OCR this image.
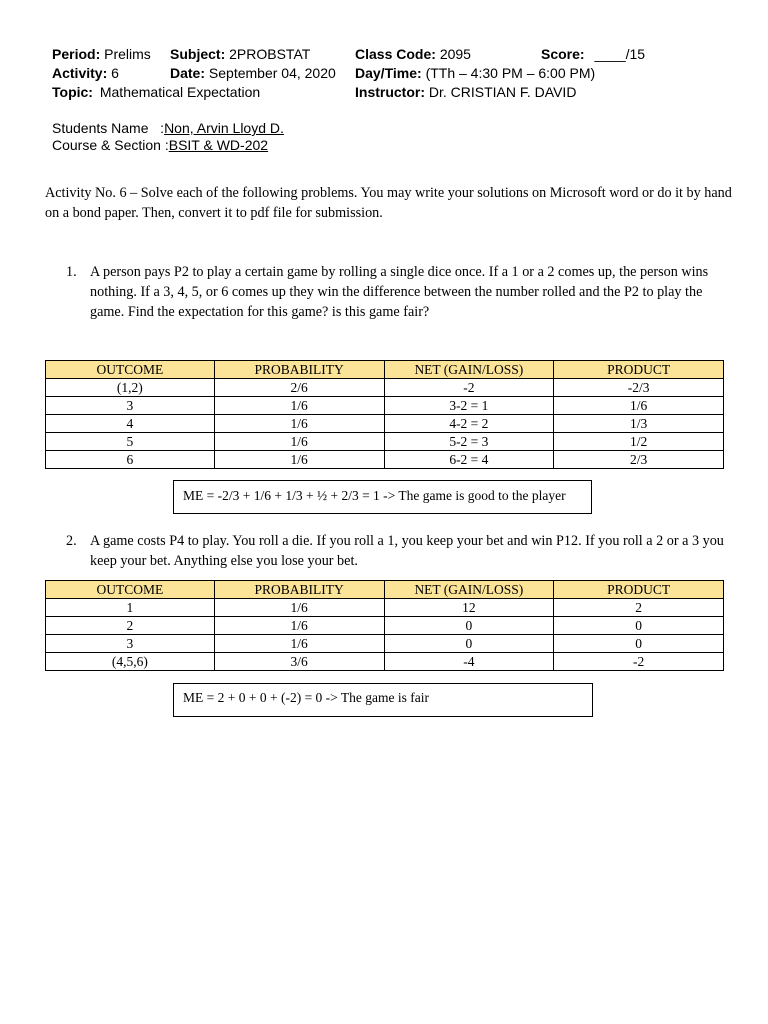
Period: Prelims Subject: 2PROBSTAT	Class Code: 2095	Score: ____/15
Activity: 6	Date: September 04, 2020 Day/Time: (TTh – 4:30 PM – 6:00 PM)
Topic: Mathematical Expectation	Instructor: Dr. CRISTIAN F. DAVID
Students Name   :Non, Arvin Lloyd D.
Course & Section :BSIT & WD-202
Activity No. 6 – Solve each of the following problems. You may write your solutions on Microsoft word or do it by hand on a bond paper. Then, convert it to pdf file for submission.
1. A person pays P2 to play a certain game by rolling a single dice once. If a 1 or a 2 comes up, the person wins nothing. If a 3, 4, 5, or 6 comes up they win the difference between the number rolled and the P2 to play the game. Find the expectation for this game? is this game fair?
OUTCOME	PROBABILITY	NET (GAIN/LOSS)	PRODUCT
(1,2)	2/6	-2	-2/3
3	1/6	3-2 = 1	1/6
4	1/6	4-2 = 2	1/3
5	1/6	5-2 = 3	1/2
6	1/6	6-2 = 4	2/3
ME = -2/3 + 1/6 + 1/3 + ½ + 2/3 = 1 -> The game is good to the player
2. A game costs P4 to play. You roll a die. If you roll a 1, you keep your bet and win P12. If you roll a 2 or a 3 you keep your bet. Anything else you lose your bet.
OUTCOME	PROBABILITY	NET (GAIN/LOSS)	PRODUCT
1	1/6	12	2
2	1/6	0	0
3	1/6	0	0
(4,5,6)	3/6	-4	-2
ME = 2 + 0 + 0 + (-2) = 0 -> The game is fair
